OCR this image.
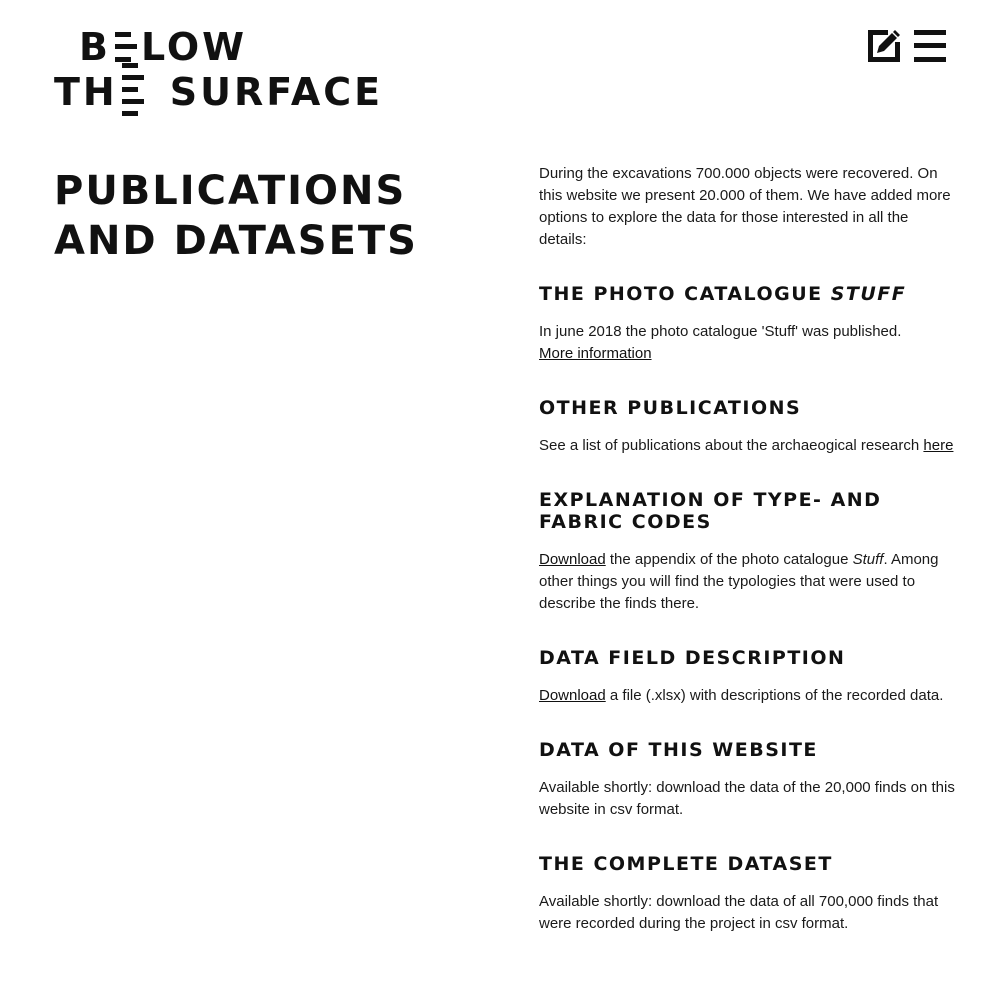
B LOW
TH SURFACE
PUBLICATIONS AND DATASETS

During the excavations 700.000 objects were recovered. On this website we present 20.000 of them. We have added more options to explore the data for those interested in all the details:

THE PHOTO CATALOGUE STUFF

In june 2018 the photo catalogue 'Stuff' was published.
More information

OTHER PUBLICATIONS

See a list of publications about the archaeogical research here

EXPLANATION OF TYPE- AND FABRIC CODES

Download the appendix of the photo catalogue Stuff. Among other things you will find the typologies that were used to describe the finds there.

DATA FIELD DESCRIPTION

Download a file (.xlsx) with descriptions of the recorded data.

DATA OF THIS WEBSITE

Available shortly: download the data of the 20,000 finds on this website in csv format.

THE COMPLETE DATASET

Available shortly: download the data of all 700,000 finds that were recorded during the project in csv format.
